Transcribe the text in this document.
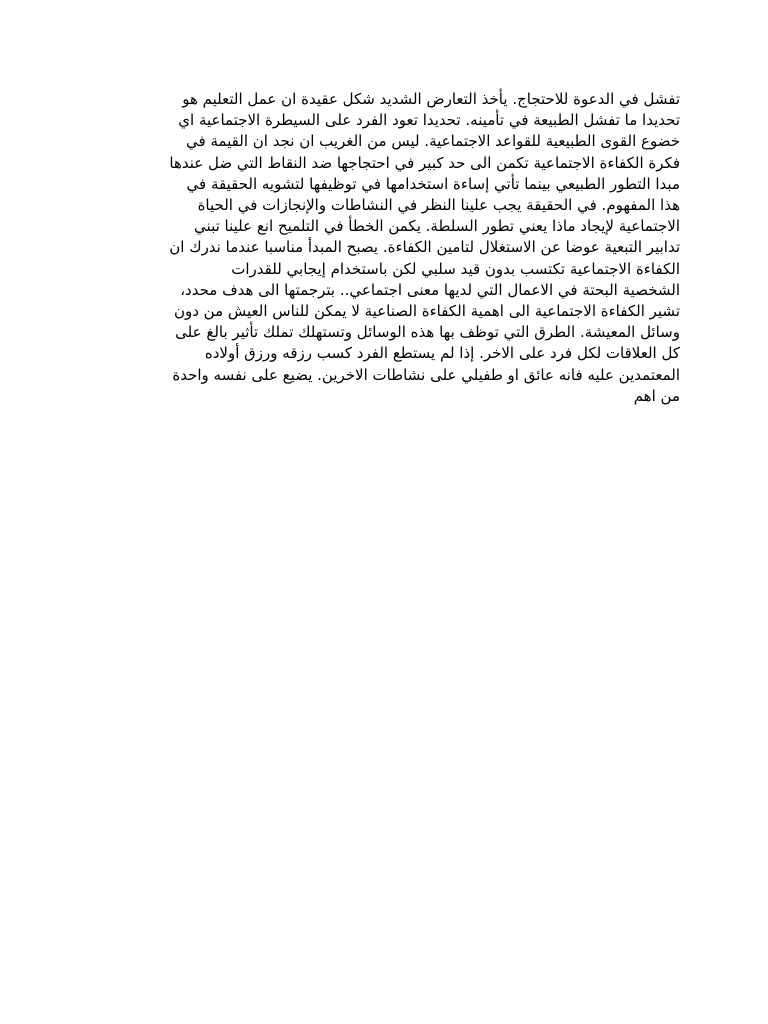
تفشل في الدعوة للاحتجاج. يأخذ التعارض الشديد شكل عقيدة ان عمل التعليم هو
تحديدا ما تفشل الطبيعة في تأمينه. تحديدا تعود الفرد على السيطرة الاجتماعية اي
خضوع القوى الطبيعية للقواعد الاجتماعية. ليس من الغريب ان نجد ان القيمة في
فكرة الكفاءة الاجتماعية تكمن الى حد كبير في احتجاجها ضد النقاط التي ضل عندها
مبدا التطور الطبيعي بينما تأتي إساءة استخدامها في توظيفها لتشويه الحقيقة في
هذا المفهوم. في الحقيقة يجب علينا النظر في النشاطات والإنجازات في الحياة
الاجتماعية لإيجاد ماذا يعني تطور السلطة. يكمن الخطأ في التلميح انع علينا تبني
تدابير التبعية عوضا عن الاستغلال لتامين الكفاءة. يصبح المبدأ مناسبا عندما ندرك ان
الكفاءة الاجتماعية تكتسب بدون قيد سلبي لكن باستخدام إيجابي للقدرات
الشخصية البحتة في الاعمال التي لديها معنى اجتماعي.. بترجمتها الى هدف محدد،
تشير الكفاءة الاجتماعية الى اهمية الكفاءة الصناعية لا يمكن للناس العيش من دون
وسائل المعيشة. الطرق التي توظف بها هذه الوسائل وتستهلك تملك تأثير بالغ على
كل العلاقات لكل فرد على الاخر. إذا لم يستطع الفرد كسب رزقه ورزق أولاده
المعتمدين عليه فانه عائق او طفيلي على نشاطات الاخرين. يضيع على نفسه واحدة
من اهم
